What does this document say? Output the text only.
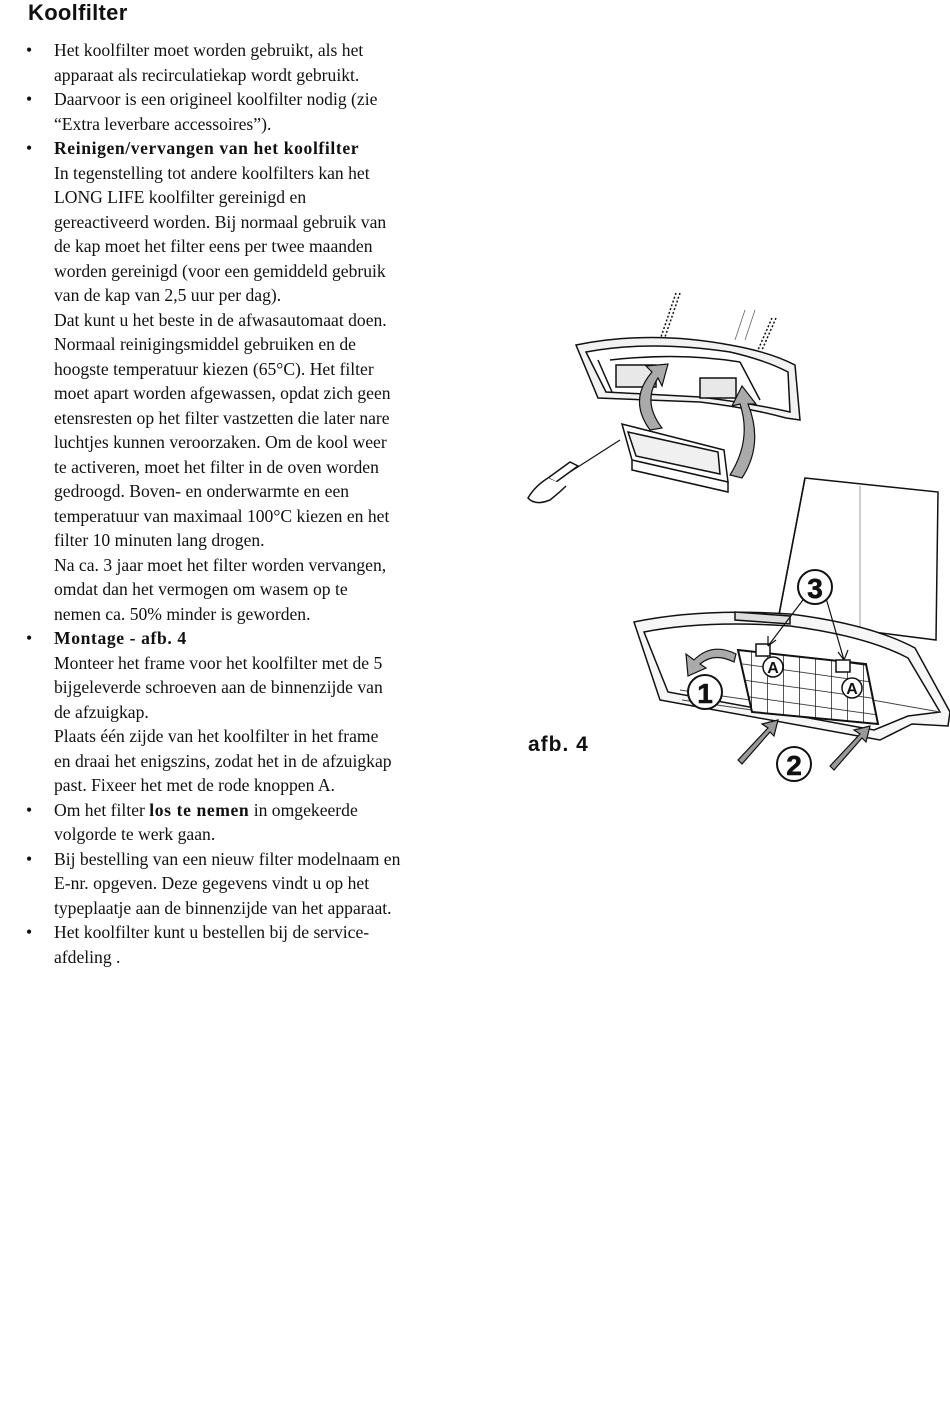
Koolfilter
• Het koolfilter moet worden gebruikt, als het
apparaat als recirculatiekap wordt gebruikt.
• Daarvoor is een origineel koolfilter nodig (zie
“Extra leverbare accessoires”).
• Reinigen/vervangen van het koolfilter
In tegenstelling tot andere koolfilters kan het
LONG LIFE koolfilter gereinigd en
gereactiveerd worden. Bij normaal gebruik van
de kap moet het filter eens per twee maanden
worden gereinigd (voor een gemiddeld gebruik
van de kap van 2,5 uur per dag).
Dat kunt u het beste in de afwasautomaat doen.
Normaal reinigingsmiddel gebruiken en de
hoogste temperatuur kiezen (65°C). Het filter
moet apart worden afgewassen, opdat zich geen
etensresten op het filter vastzetten die later nare
luchtjes kunnen veroorzaken. Om de kool weer
te activeren, moet het filter in de oven worden
gedroogd. Boven- en onderwarmte en een
temperatuur van maximaal 100°C kiezen en het
filter 10 minuten lang drogen.
Na ca. 3 jaar moet het filter worden vervangen,
omdat dan het vermogen om wasem op te
nemen ca. 50% minder is geworden.
• Montage - afb. 4
Monteer het frame voor het koolfilter met de 5
bijgeleverde schroeven aan de binnenzijde van
de afzuigkap.
Plaats één zijde van het koolfilter in het frame
en draai het enigszins, zodat het in de afzuigkap
past. Fixeer het met de rode knoppen A.
• Om het filter los te nemen in omgekeerde
volgorde te werk gaan.
• Bij bestelling van een nieuw filter modelnaam en
E-nr. opgeven. Deze gegevens vindt u op het
typeplaatje aan de binnenzijde van het apparaat.
• Het koolfilter kunt u bestellen bij de service-
afdeling .
3
1
2
A
A
afb. 4
